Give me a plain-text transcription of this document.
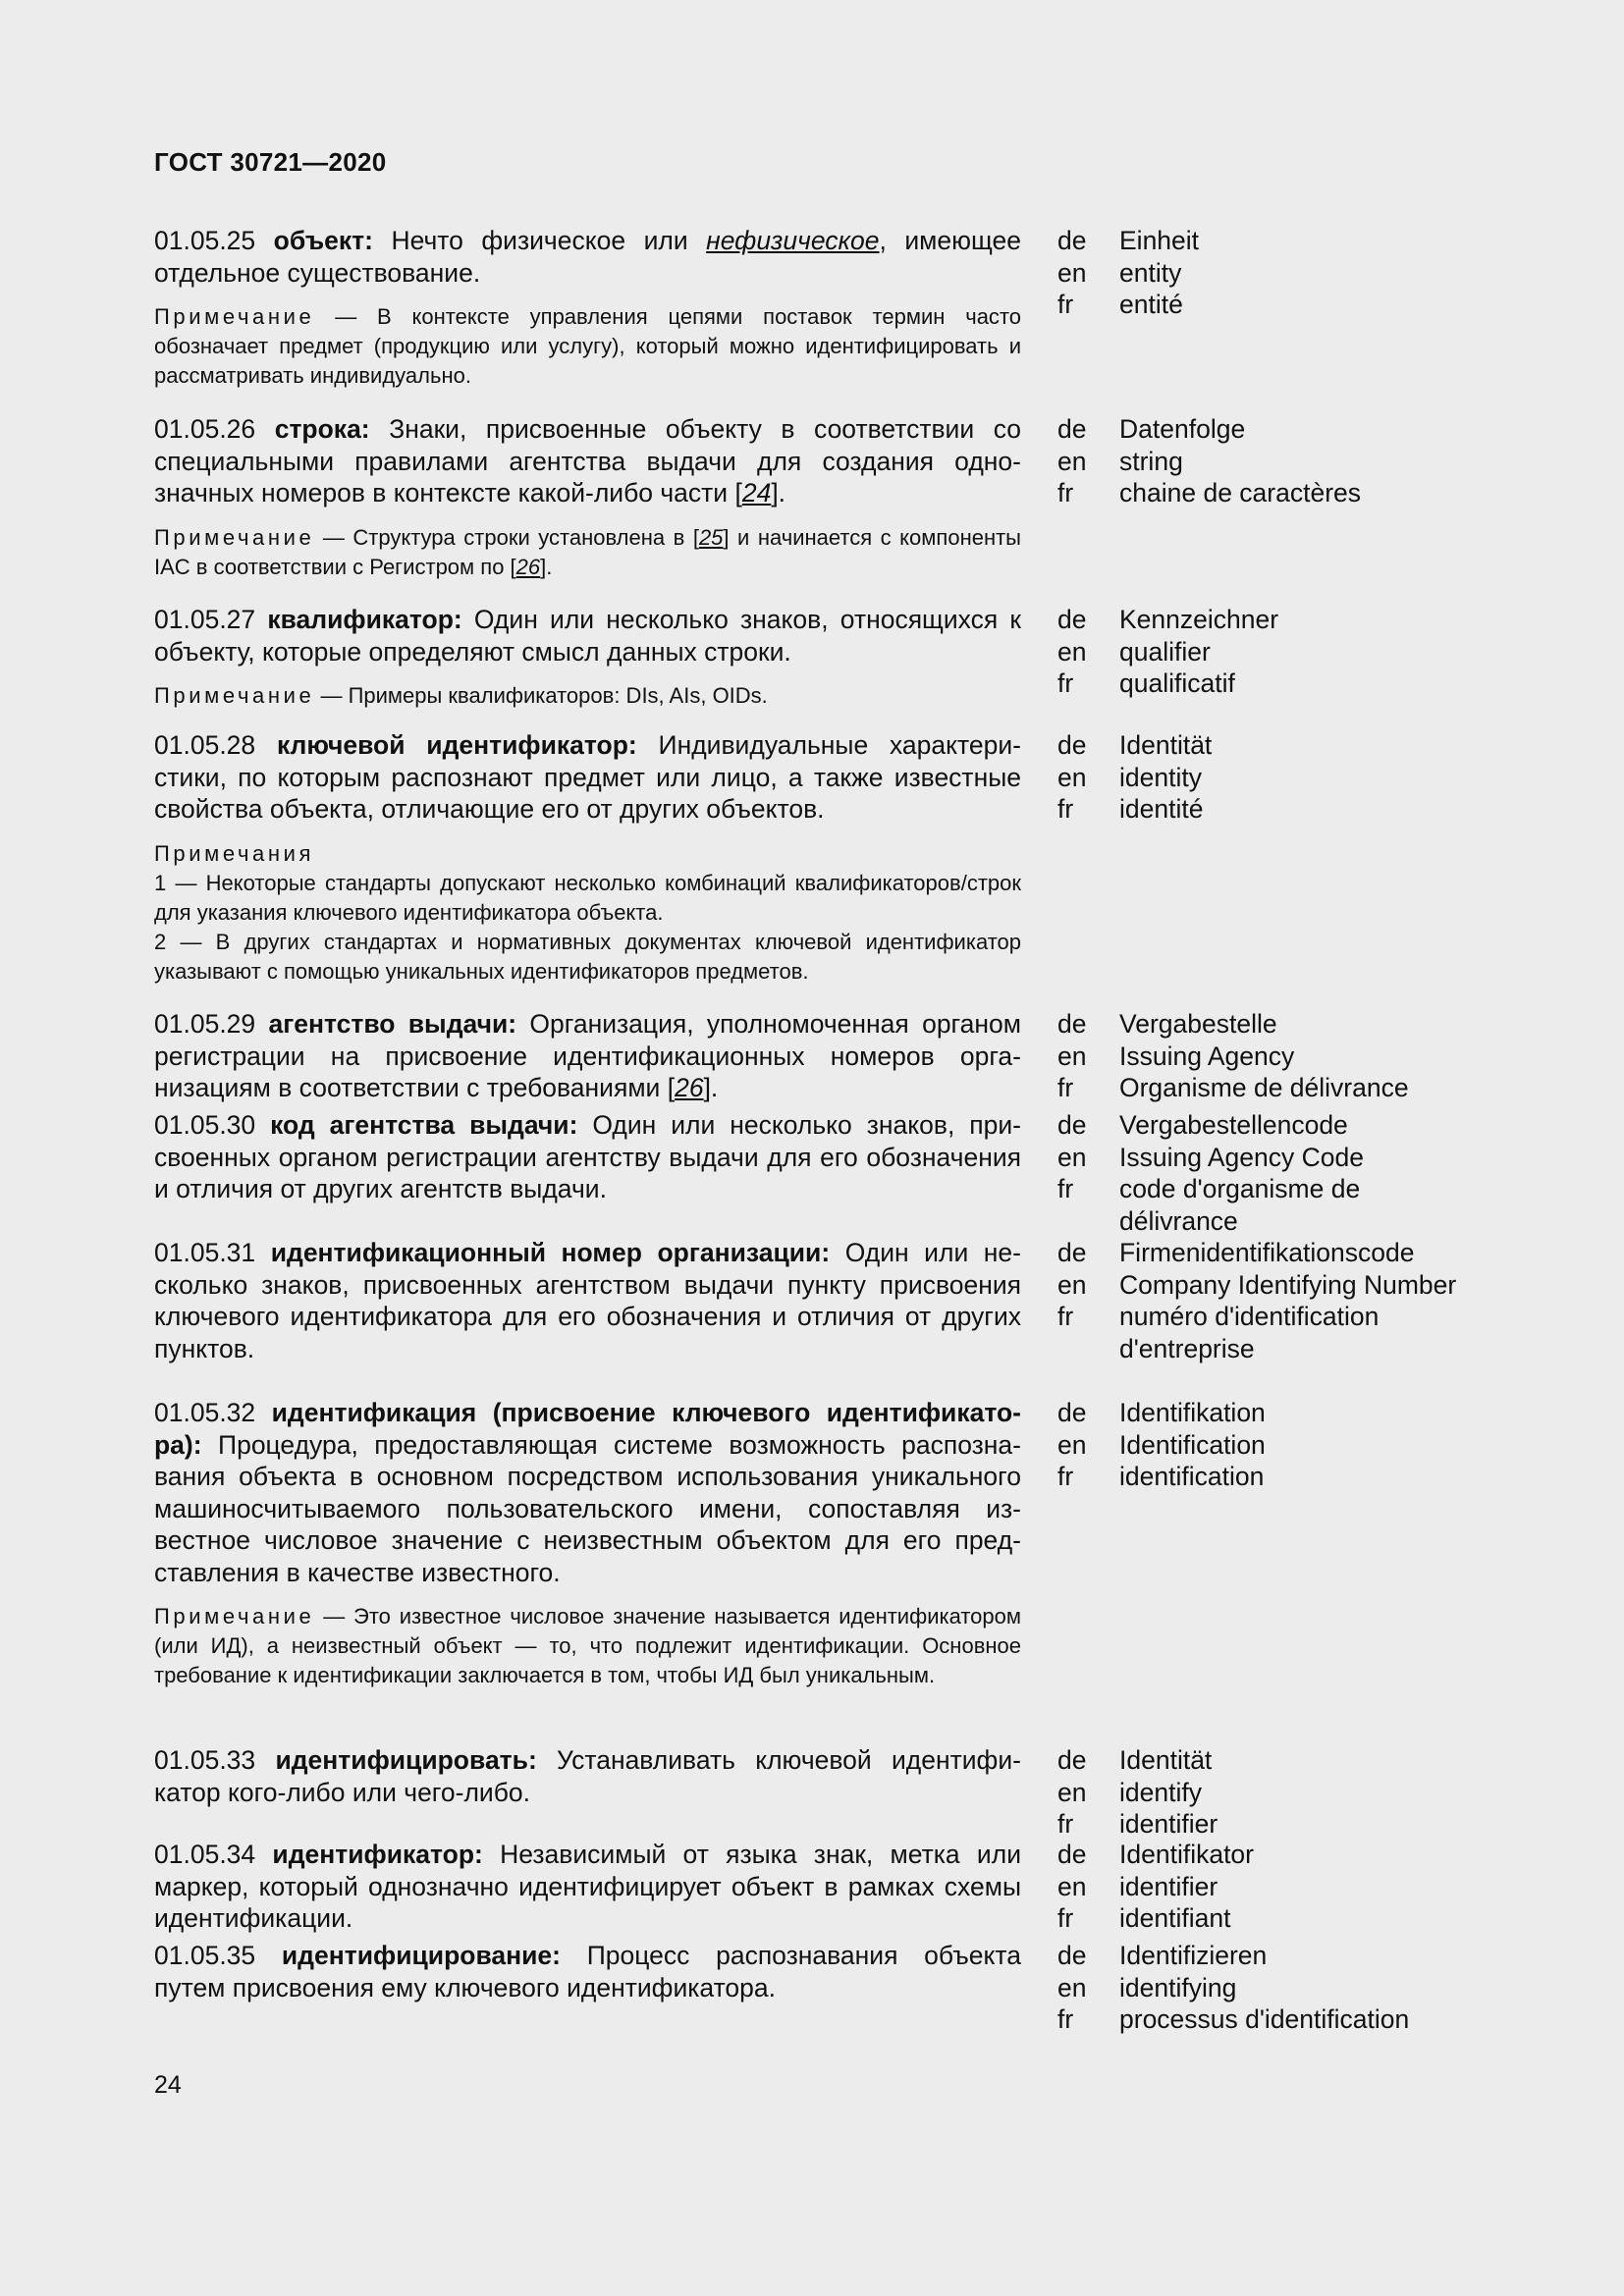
ГОСТ 30721—2020
01.05.25 объект: Нечто физическое или нефизическое, имеющее отдельное существование.
Примечание — В контексте управления цепями поставок термин часто обозначает предмет (продукцию или услугу), который можно идентифицировать и рассматривать индивидуально.
de	Einheit
en	entity
fr	entité
01.05.26 строка: Знаки, присвоенные объекту в соответствии со специальными правилами агентства выдачи для создания однозначных номеров в контексте какой-либо части [24].
Примечание — Структура строки установлена в [25] и начинается с компоненты IAC в соответствии с Регистром по [26].
de	Datenfolge
en	string
fr	chaine de caractères
01.05.27 квалификатор: Один или несколько знаков, относящихся к объекту, которые определяют смысл данных строки.
Примечание — Примеры квалификаторов: DIs, AIs, OIDs.
de	Kennzeichner
en	qualifier
fr	qualificatif
01.05.28 ключевой идентификатор: Индивидуальные характеристики, по которым распознают предмет или лицо, а также известные свойства объекта, отличающие его от других объектов.
Примечания
1 — Некоторые стандарты допускают несколько комбинаций квалификаторов/строк для указания ключевого идентификатора объекта.
2 — В других стандартах и нормативных документах ключевой идентификатор указывают с помощью уникальных идентификаторов предметов.
de	Identität
en	identity
fr	identité
01.05.29 агентство выдачи: Организация, уполномоченная органом регистрации на присвоение идентификационных номеров организациям в соответствии с требованиями [26].
de	Vergabestelle
en	Issuing Agency
fr	Organisme de délivrance
01.05.30 код агентства выдачи: Один или несколько знаков, присвоенных органом регистрации агентству выдачи для его обозначения и отличия от других агентств выдачи.
de	Vergabestellencode
en	Issuing Agency Code
fr	code d'organisme de délivrance
01.05.31 идентификационный номер организации: Один или несколько знаков, присвоенных агентством выдачи пункту присвоения ключевого идентификатора для его обозначения и отличия от других пунктов.
de	Firmenidentifikationscode
en	Company Identifying Number
fr	numéro d'identification d'entreprise
01.05.32 идентификация (присвоение ключевого идентификатора): Процедура, предоставляющая системе возможность распознавания объекта в основном посредством использования уникального машиносчитываемого пользовательского имени, сопоставляя известное числовое значение с неизвестным объектом для его представления в качестве известного.
Примечание — Это известное числовое значение называется идентификатором (или ИД), а неизвестный объект — то, что подлежит идентификации. Основное требование к идентификации заключается в том, чтобы ИД был уникальным.
de	Identifikation
en	Identification
fr	identification
01.05.33 идентифицировать: Устанавливать ключевой идентификатор кого-либо или чего-либо.
de	Identität
en	identify
fr	identifier
01.05.34 идентификатор: Независимый от языка знак, метка или маркер, который однозначно идентифицирует объект в рамках схемы идентификации.
de	Identifikator
en	identifier
fr	identifiant
01.05.35 идентифицирование: Процесс распознавания объекта путем присвоения ему ключевого идентификатора.
de	Identifizieren
en	identifying
fr	processus d'identification
24
